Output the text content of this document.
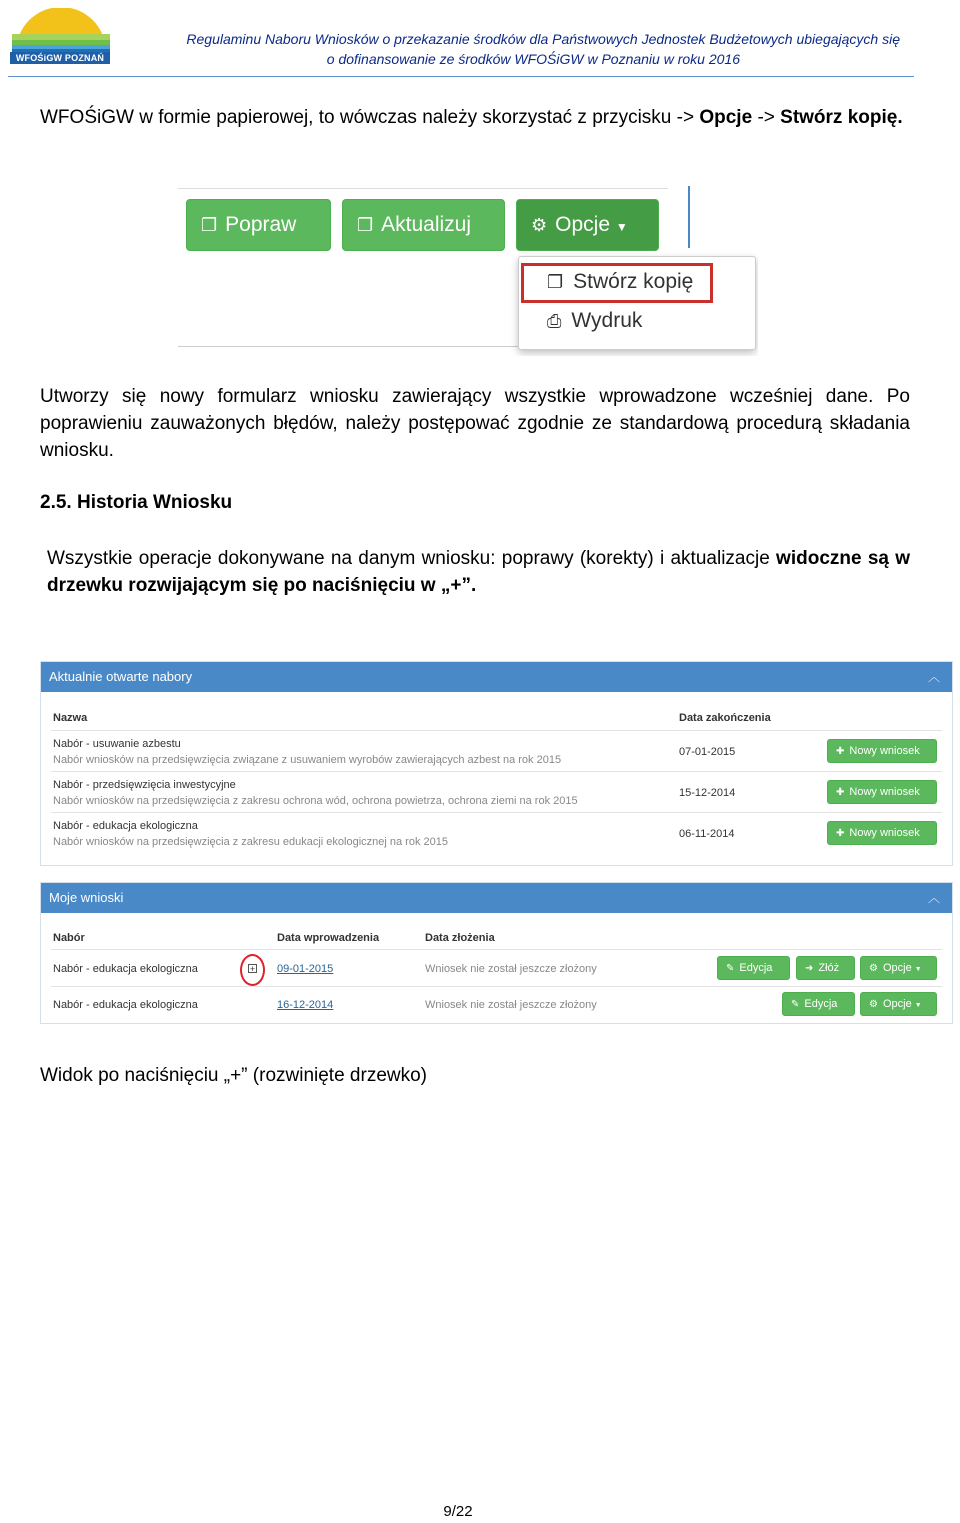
WFOŚiGW POZNAŃ
Regulaminu Naboru Wniosków o przekazanie środków dla Państwowych Jednostek Budżetowych ubiegających się
o dofinansowanie ze środków WFOŚiGW w Poznaniu w roku 2016
WFOŚiGW w formie papierowej, to wówczas należy skorzystać z przycisku -> Opcje -> Stwórz kopię.
❐ Popraw	❐ Aktualizuj	⚙ Opcje ▼
❐ Stwórz kopię
⎙ Wydruk
Utworzy się nowy formularz wniosku zawierający wszystkie wprowadzone wcześniej dane. Po poprawieniu zauważonych błędów, należy postępować zgodnie ze standardową procedurą składania wniosku.
2.5. Historia Wniosku
Wszystkie operacje dokonywane na danym wniosku: poprawy (korekty) i aktualizacje widoczne są w drzewku rozwijającym się po naciśnięciu w „+”.
Aktualnie otwarte nabory	︿
Nazwa	Data zakończenia
Nabór - usuwanie azbestu
Nabór wniosków na przedsięwzięcia związane z usuwaniem wyrobów zawierających azbest na rok 2015
07-01-2015	✚ Nowy wniosek
Nabór - przedsięwzięcia inwestycyjne
Nabór wniosków na przedsięwzięcia z zakresu ochrona wód, ochrona powietrza, ochrona ziemi na rok 2015
15-12-2014	✚ Nowy wniosek
Nabór - edukacja ekologiczna
Nabór wniosków na przedsięwzięcia z zakresu edukacji ekologicznej na rok 2015
06-11-2014	✚ Nowy wniosek
Moje wnioski	︿
Nabór	Data wprowadzenia	Data złożenia
Nabór - edukacja ekologiczna	+ 09-01-2015	Wniosek nie został jeszcze złożony	✎ Edycja	➜ Złóż	⚙ Opcje ▼
Nabór - edukacja ekologiczna	16-12-2014	Wniosek nie został jeszcze złożony	✎ Edycja	⚙ Opcje ▼
Widok po naciśnięciu „+” (rozwinięte drzewko)
9/22
